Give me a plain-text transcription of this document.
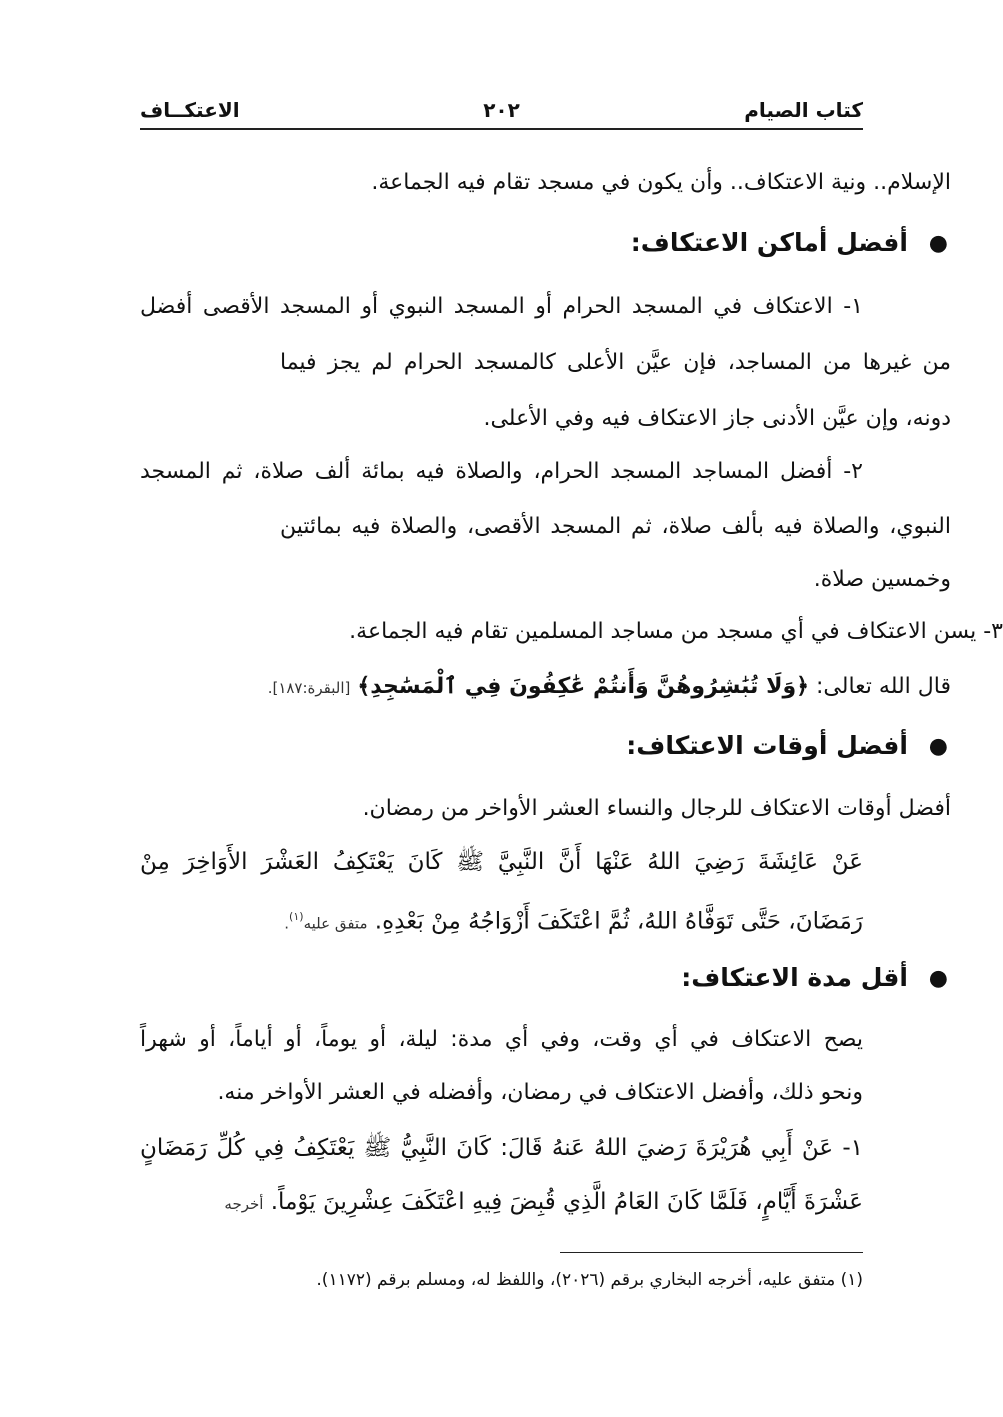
كتاب الصيام
٢٠٢
الاعتكــاف
الإسلام.. ونية الاعتكاف.. وأن يكون في مسجد تقام فيه الجماعة.
●
أفضل أماكن الاعتكاف:
١- الاعتكاف في المسجد الحرام أو المسجد النبوي أو المسجد الأقصى أفضل
من غيرها من المساجد، فإن عيَّن الأعلى كالمسجد الحرام لم يجز فيما
دونه، وإن عيَّن الأدنى جاز الاعتكاف فيه وفي الأعلى.
٢- أفضل المساجد المسجد الحرام، والصلاة فيه بمائة ألف صلاة، ثم المسجد
النبوي، والصلاة فيه بألف صلاة، ثم المسجد الأقصى، والصلاة فيه بمائتين
وخمسين صلاة.
٣- يسن الاعتكاف في أي مسجد من مساجد المسلمين تقام فيه الجماعة.
قال الله تعالى: ﴿وَلَا تُبَٰشِرُوهُنَّ وَأَنتُمْ عَٰكِفُونَ فِي ٱلْمَسَٰجِدِ﴾ [البقرة:١٨٧].
●
أفضل أوقات الاعتكاف:
أفضل أوقات الاعتكاف للرجال والنساء العشر الأواخر من رمضان.
عَنْ عَائِشَةَ رَضِيَ اللهُ عَنْهَا أَنَّ النَّبِيَّ ﷺ كَانَ يَعْتَكِفُ العَشْرَ الأَوَاخِرَ مِنْ
رَمَضَانَ، حَتَّى تَوَفَّاهُ اللهُ، ثُمَّ اعْتَكَفَ أَزْوَاجُهُ مِنْ بَعْدِهِ. متفق عليه$^{(١)}$.
●
أقل مدة الاعتكاف:
يصح الاعتكاف في أي وقت، وفي أي مدة: ليلة، أو يوماً، أو أياماً، أو شهراً
ونحو ذلك، وأفضل الاعتكاف في رمضان، وأفضله في العشر الأواخر منه.
١- عَنْ أَبِي هُرَيْرَةَ رَضيَ اللهُ عَنهُ قَالَ: كَانَ النَّبِيُّ ﷺ يَعْتَكِفُ فِي كُلِّ رَمَضَانٍ
عَشْرَةَ أَيَّامٍ، فَلَمَّا كَانَ العَامُ الَّذِي قُبِضَ فِيهِ اعْتَكَفَ عِشْرِينَ يَوْماً. أخرجه
(١) متفق عليه، أخرجه البخاري برقم (٢٠٢٦)، واللفظ له، ومسلم برقم (١١٧٢).
